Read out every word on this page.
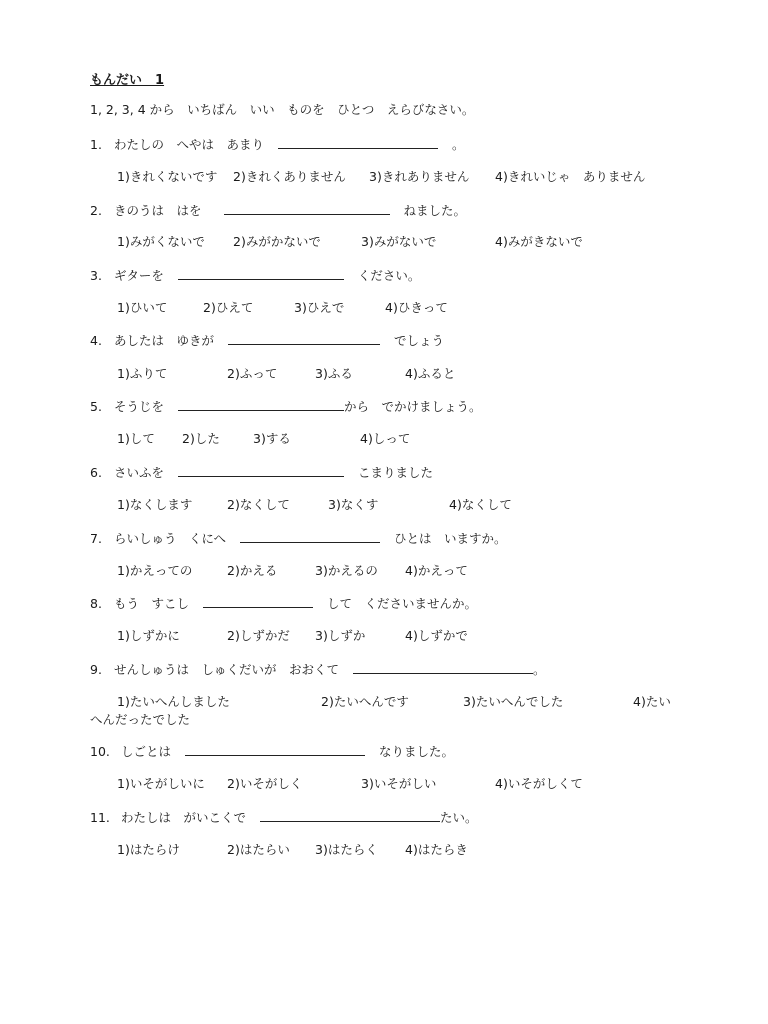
もんだい　1
1, 2, 3, 4 から　いちばん　いい　ものを　ひとつ　えらびなさい。
1. わたしの　へやは　あまり	。
1)きれくないです 2)きれくありません 3)きれありません 4)きれいじゃ　ありません
2. きのうは　はを	ねました。
1)みがくないで 2)みがかないで	3)みがないで	4)みがきないで
3. ギターを	ください。
1)ひいて	2)ひえて	3)ひえで	4)ひきって
4. あしたは　ゆきが	でしょう
1)ふりて	2)ふって	3)ふる	4)ふると
5. そうじを	から　でかけましょう。
1)して 2)した	3)する	4)しって
6. さいふを	こまりました
1)なくします	2)なくして	3)なくす	4)なくして
7. らいしゅう　くにへ	ひとは　いますか。
1)かえっての	2)かえる	3)かえるの 4)かえって
8. もう　すこし	して　くださいませんか。
1)しずかに	2)しずかだ 3)しずか	4)しずかで
9. せんしゅうは　しゅくだいが　おおくて	。
1)たいへんしました	2)たいへんです	3)たいへんでした	4)たい
へんだったでした
10. しごとは	なりました。
1)いそがしいに 2)いそがしく	3)いそがしい	4)いそがしくて
11. わたしは　がいこくで	たい。
1)はたらけ	2)はたらい 3)はたらく 4)はたらき
